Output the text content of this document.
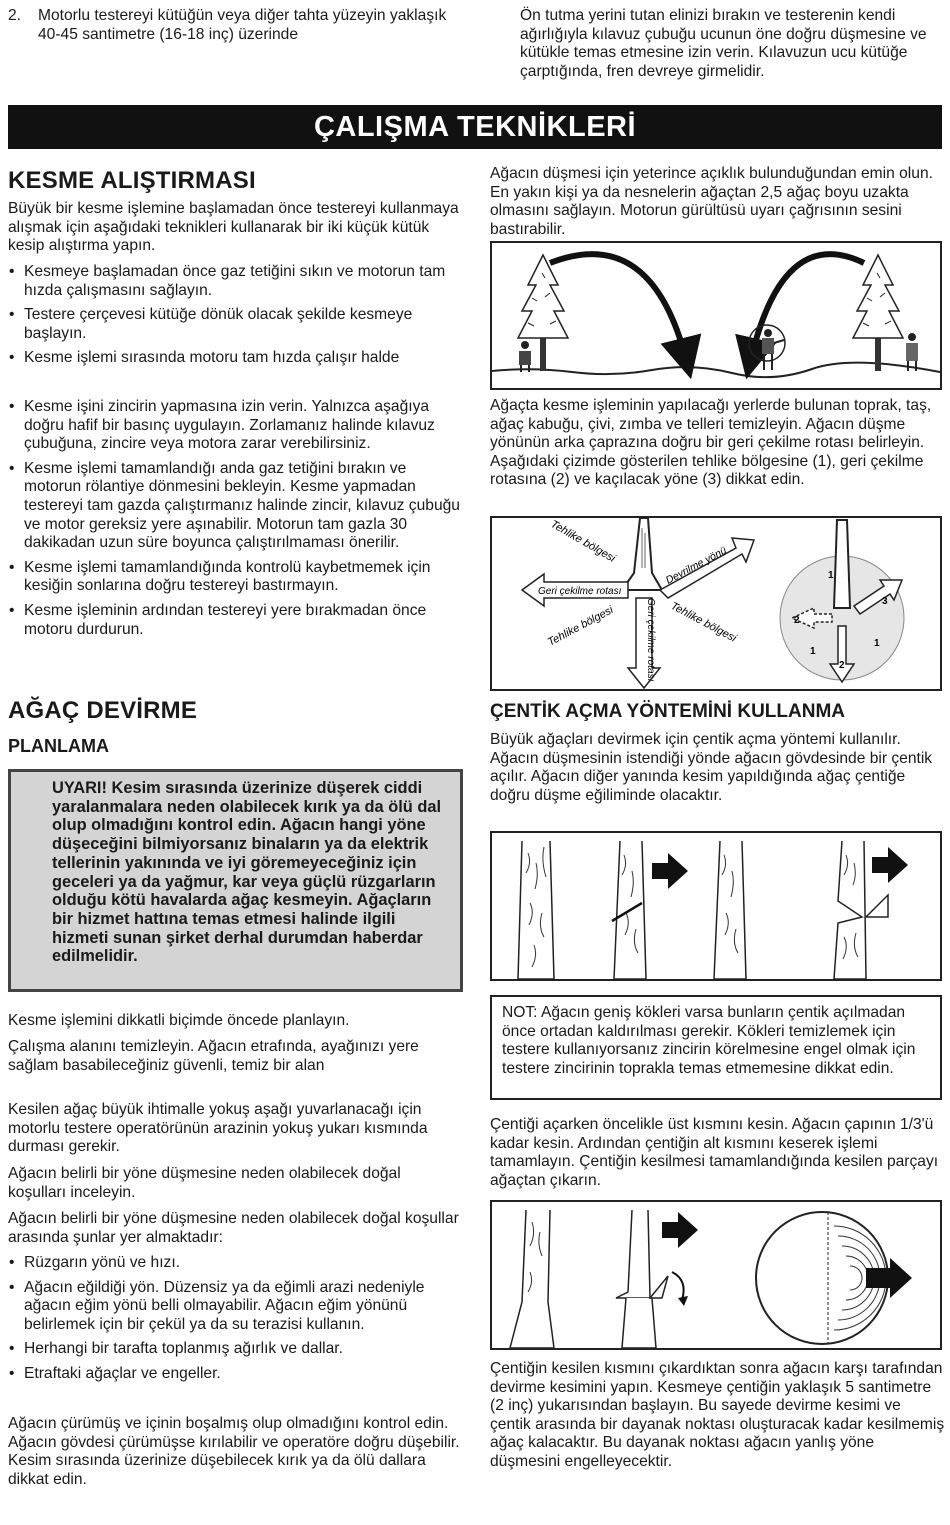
2.	Motorlu testereyi kütüğün veya diğer tahta yüzeyin yaklaşık 40-45 santimetre (16-18 inç) üzerinde

Ön tutma yerini tutan elinizi bırakın ve testerenin kendi ağırlığıyla kılavuz çubuğu ucunun öne doğru düşmesine ve kütükle temas etmesine izin verin. Kılavuzun ucu kütüğe çarptığında, fren devreye girmelidir.

ÇALIŞMA TEKNİKLERİ
KESME ALIŞTIRMASI

Büyük bir kesme işlemine başlamadan önce testereyi kullanmaya alışmak için aşağıdaki teknikleri kullanarak bir iki küçük kütük kesip alıştırma yapın.

• Kesmeye başlamadan önce gaz tetiğini sıkın ve motorun tam hızda çalışmasını sağlayın.
• Testere çerçevesi kütüğe dönük olacak şekilde kesmeye başlayın.
• Kesme işlemi sırasında motoru tam hızda çalışır halde
• Kesme işini zincirin yapmasına izin verin. Yalnızca aşağıya doğru hafif bir basınç uygulayın. Zorlamanız halinde kılavuz çubuğuna, zincire veya motora zarar verebilirsiniz.
• Kesme işlemi tamamlandığı anda gaz tetiğini bırakın ve motorun rölantiye dönmesini bekleyin. Kesme yapmadan testereyi tam gazda çalıştırmanız halinde zincir, kılavuz çubuğu ve motor gereksiz yere aşınabilir. Motorun tam gazla 30 dakikadan uzun süre boyunca çalıştırılmaması önerilir.
• Kesme işlemi tamamlandığında kontrolü kaybetmemek için kesiğin sonlarına doğru testereyi bastırmayın.
• Kesme işleminin ardından testereyi yere bırakmadan önce motoru durdurun.
AĞAÇ DEVİRME
PLANLAMA
UYARI! Kesim sırasında üzerinize düşerek ciddi yaralanmalara neden olabilecek kırık ya da ölü dal olup olmadığını kontrol edin. Ağacın hangi yöne düşeceğini bilmiyorsanız binaların ya da elektrik tellerinin yakınında ve iyi göremeyeceğiniz için geceleri ya da yağmur, kar veya güçlü rüzgarların olduğu kötü havalarda ağaç kesmeyin. Ağaçların bir hizmet hattına temas etmesi halinde ilgili hizmeti sunan şirket derhal durumdan haberdar edilmelidir.

Kesme işlemini dikkatli biçimde öncede planlayın.

Çalışma alanını temizleyin. Ağacın etrafında, ayağınızı yere sağlam basabileceğiniz güvenli, temiz bir alan

Kesilen ağaç büyük ihtimalle yokuş aşağı yuvarlanacağı için motorlu testere operatörünün arazinin yokuş yukarı kısmında durması gerekir.

Ağacın belirli bir yöne düşmesine neden olabilecek doğal koşulları inceleyin.

Ağacın belirli bir yöne düşmesine neden olabilecek doğal koşullar arasında şunlar yer almaktadır:

• Rüzgarın yönü ve hızı.
• Ağacın eğildiği yön. Düzensiz ya da eğimli arazi nedeniyle ağacın eğim yönü belli olmayabilir. Ağacın eğim yönünü belirlemek için bir çekül ya da su terazisi kullanın.
• Herhangi bir tarafta toplanmış ağırlık ve dallar.
• Etraftaki ağaçlar ve engeller.

Ağacın çürümüş ve içinin boşalmış olup olmadığını kontrol edin. Ağacın gövdesi çürümüşse kırılabilir ve operatöre doğru düşebilir. Kesim sırasında üzerinize düşebilecek kırık ya da ölü dallara dikkat edin.

Ağacın düşmesi için yeterince açıklık bulunduğundan emin olun. En yakın kişi ya da nesnelerin ağaçtan 2,5 ağaç boyu uzakta olmasını sağlayın. Motorun gürültüsü uyarı çağrısının sesini bastırabilir.

Ağaçta kesme işleminin yapılacağı yerlerde bulunan toprak, taş, ağaç kabuğu, çivi, zımba ve telleri temizleyin. Ağacın düşme yönünün arka çaprazına doğru bir geri çekilme rotası belirleyin. Aşağıdaki çizimde gösterilen tehlike bölgesine (1), geri çekilme rotasına (2) ve kaçılacak yöne (3) dikkat edin.

Devrilme yönü
Geri çekilme rotası
Geri çekilme rotası
Tehlike bölgesi
Tehlike bölgesi	Tehlike bölgesi	2
2
3
1
1
1
ÇENTİK AÇMA YÖNTEMİNİ KULLANMA

Büyük ağaçları devirmek için çentik açma yöntemi kullanılır. Ağacın düşmesinin istendiği yönde ağacın gövdesinde bir çentik açılır. Ağacın diğer yanında kesim yapıldığında ağaç çentiğe doğru düşme eğiliminde olacaktır.

NOT: Ağacın geniş kökleri varsa bunların çentik açılmadan önce ortadan kaldırılması gerekir. Kökleri temizlemek için testere kullanıyorsanız zincirin körelmesine engel olmak için testere zincirinin toprakla temas etmemesine dikkat edin.

Çentiği açarken öncelikle üst kısmını kesin. Ağacın çapının 1/3'ü kadar kesin. Ardından çentiğin alt kısmını keserek işlemi tamamlayın. Çentiğin kesilmesi tamamlandığında kesilen parçayı ağaçtan çıkarın.

Çentiğin kesilen kısmını çıkardıktan sonra ağacın karşı tarafından devirme kesimini yapın. Kesmeye çentiğin yaklaşık 5 santimetre (2 inç) yukarısından başlayın. Bu sayede devirme kesimi ve çentik arasında bir dayanak noktası oluşturacak kadar kesilmemiş ağaç kalacaktır. Bu dayanak noktası ağacın yanlış yöne düşmesini engelleyecektir.
